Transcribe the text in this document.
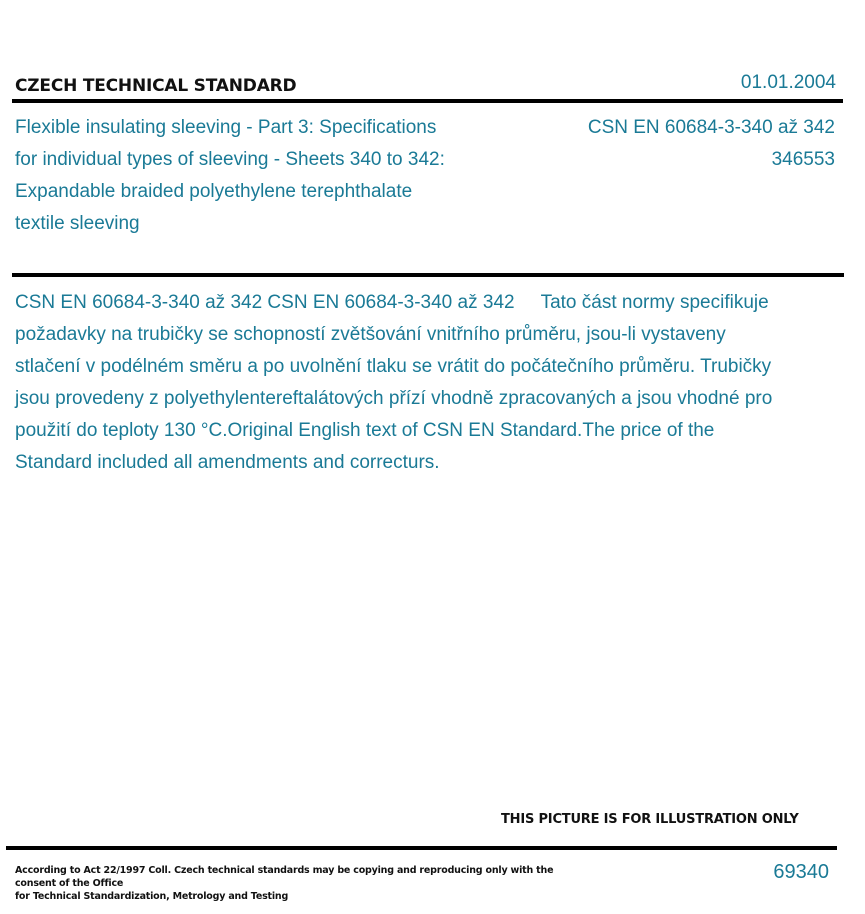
CZECH TECHNICAL STANDARD	01.01.2004
Flexible insulating sleeving - Part 3: Specifications for individual types of sleeving - Sheets 340 to 342: Expandable braided polyethylene terephthalate textile sleeving
CSN EN 60684-3-340 až 342
346553
CSN EN 60684-3-340 až 342 CSN EN 60684-3-340 až 342 Tato část normy specifikuje požadavky na trubičky se schopností zvětšování vnitřního průměru, jsou-li vystaveny stlačení v podélném směru a po uvolnění tlaku se vrátit do počátečního průměru. Trubičky jsou provedeny z polyethylentereftalátových přízí vhodně zpracovaných a jsou vhodné pro použití do teploty 130 °C.Original English text of CSN EN Standard.The price of the Standard included all amendments and correcturs.
THIS PICTURE IS FOR ILLUSTRATION ONLY
According to Act 22/1997 Coll. Czech technical standards may be copying and reproducing only with the consent of the Office
for Technical Standardization, Metrology and Testing
69340
